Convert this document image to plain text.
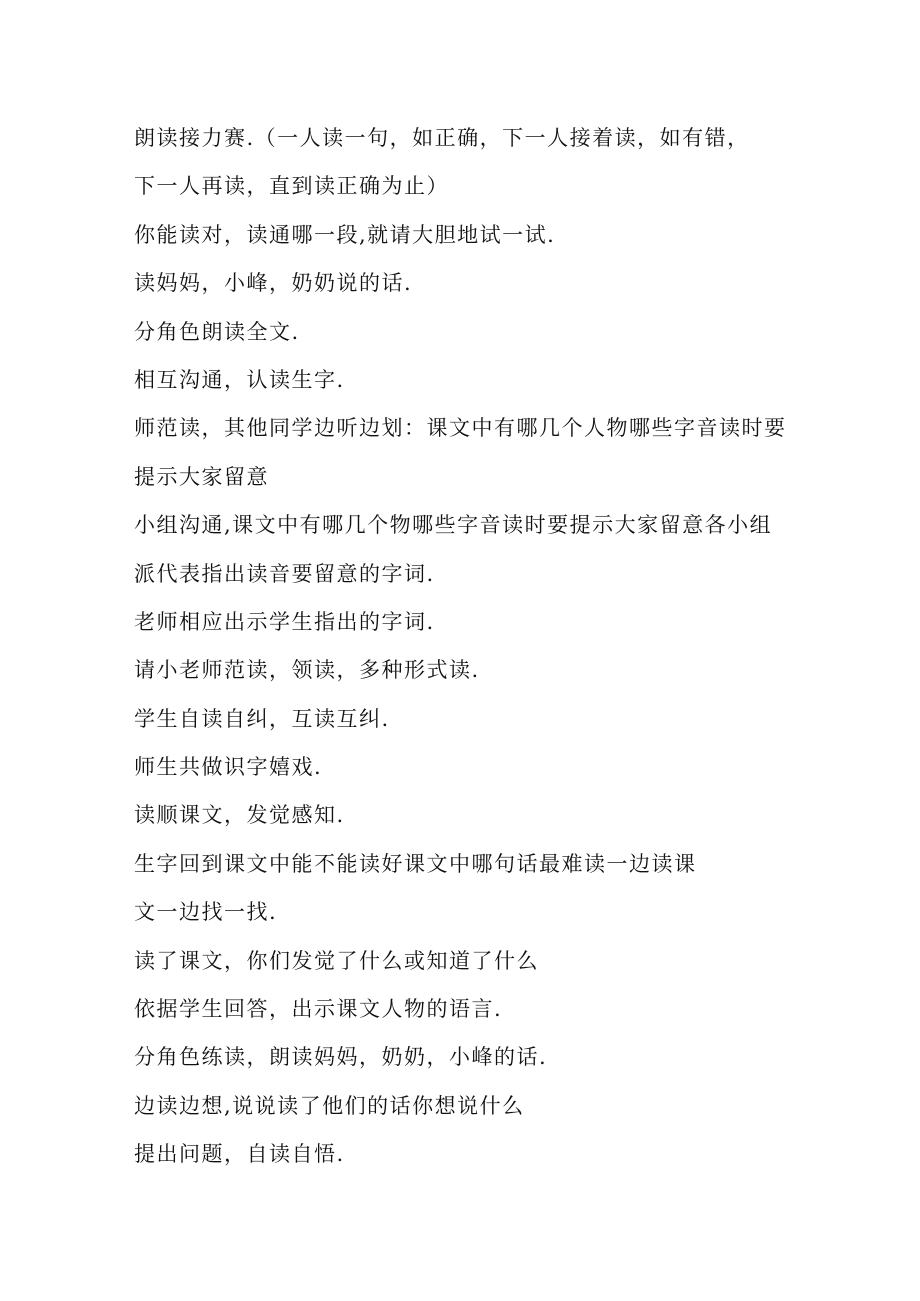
朗读接力赛.（一人读一句，如正确，下一人接着读，如有错，
下一人再读，直到读正确为止）
你能读对，读通哪一段,就请大胆地试一试.
读妈妈，小峰，奶奶说的话.
分角色朗读全文.
相互沟通，认读生字.
师范读，其他同学边听边划：课文中有哪几个人物哪些字音读时要
提示大家留意
小组沟通,课文中有哪几个物哪些字音读时要提示大家留意各小组
派代表指出读音要留意的字词.
老师相应出示学生指出的字词.
请小老师范读，领读，多种形式读.
学生自读自纠，互读互纠.
师生共做识字嬉戏.
读顺课文，发觉感知.
生字回到课文中能不能读好课文中哪句话最难读一边读课
文一边找一找.
读了课文，你们发觉了什么或知道了什么
依据学生回答，出示课文人物的语言.
分角色练读，朗读妈妈，奶奶，小峰的话.
边读边想,说说读了他们的话你想说什么
提出问题，自读自悟.
